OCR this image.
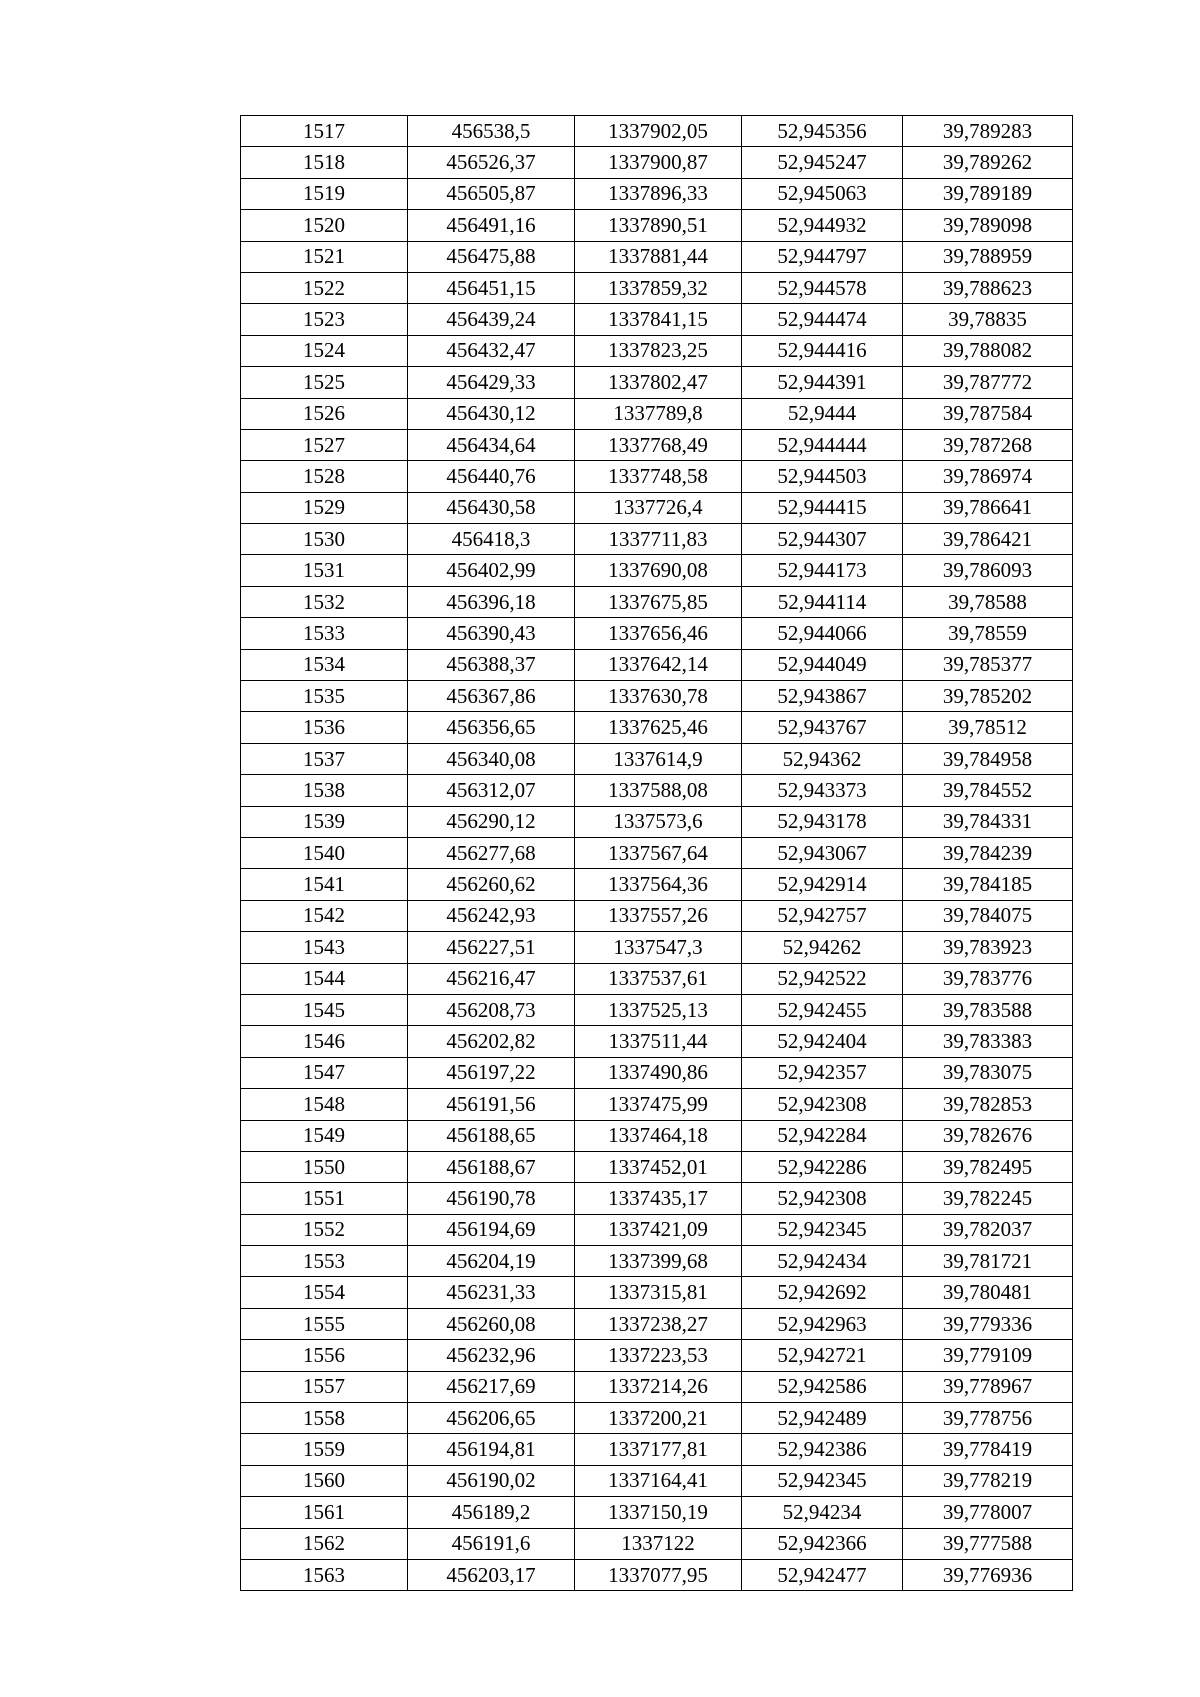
1517	456538,5	1337902,05	52,945356	39,789283
1518	456526,37	1337900,87	52,945247	39,789262
1519	456505,87	1337896,33	52,945063	39,789189
1520	456491,16	1337890,51	52,944932	39,789098
1521	456475,88	1337881,44	52,944797	39,788959
1522	456451,15	1337859,32	52,944578	39,788623
1523	456439,24	1337841,15	52,944474	39,78835
1524	456432,47	1337823,25	52,944416	39,788082
1525	456429,33	1337802,47	52,944391	39,787772
1526	456430,12	1337789,8	52,9444	39,787584
1527	456434,64	1337768,49	52,944444	39,787268
1528	456440,76	1337748,58	52,944503	39,786974
1529	456430,58	1337726,4	52,944415	39,786641
1530	456418,3	1337711,83	52,944307	39,786421
1531	456402,99	1337690,08	52,944173	39,786093
1532	456396,18	1337675,85	52,944114	39,78588
1533	456390,43	1337656,46	52,944066	39,78559
1534	456388,37	1337642,14	52,944049	39,785377
1535	456367,86	1337630,78	52,943867	39,785202
1536	456356,65	1337625,46	52,943767	39,78512
1537	456340,08	1337614,9	52,94362	39,784958
1538	456312,07	1337588,08	52,943373	39,784552
1539	456290,12	1337573,6	52,943178	39,784331
1540	456277,68	1337567,64	52,943067	39,784239
1541	456260,62	1337564,36	52,942914	39,784185
1542	456242,93	1337557,26	52,942757	39,784075
1543	456227,51	1337547,3	52,94262	39,783923
1544	456216,47	1337537,61	52,942522	39,783776
1545	456208,73	1337525,13	52,942455	39,783588
1546	456202,82	1337511,44	52,942404	39,783383
1547	456197,22	1337490,86	52,942357	39,783075
1548	456191,56	1337475,99	52,942308	39,782853
1549	456188,65	1337464,18	52,942284	39,782676
1550	456188,67	1337452,01	52,942286	39,782495
1551	456190,78	1337435,17	52,942308	39,782245
1552	456194,69	1337421,09	52,942345	39,782037
1553	456204,19	1337399,68	52,942434	39,781721
1554	456231,33	1337315,81	52,942692	39,780481
1555	456260,08	1337238,27	52,942963	39,779336
1556	456232,96	1337223,53	52,942721	39,779109
1557	456217,69	1337214,26	52,942586	39,778967
1558	456206,65	1337200,21	52,942489	39,778756
1559	456194,81	1337177,81	52,942386	39,778419
1560	456190,02	1337164,41	52,942345	39,778219
1561	456189,2	1337150,19	52,94234	39,778007
1562	456191,6	1337122	52,942366	39,777588
1563	456203,17	1337077,95	52,942477	39,776936
